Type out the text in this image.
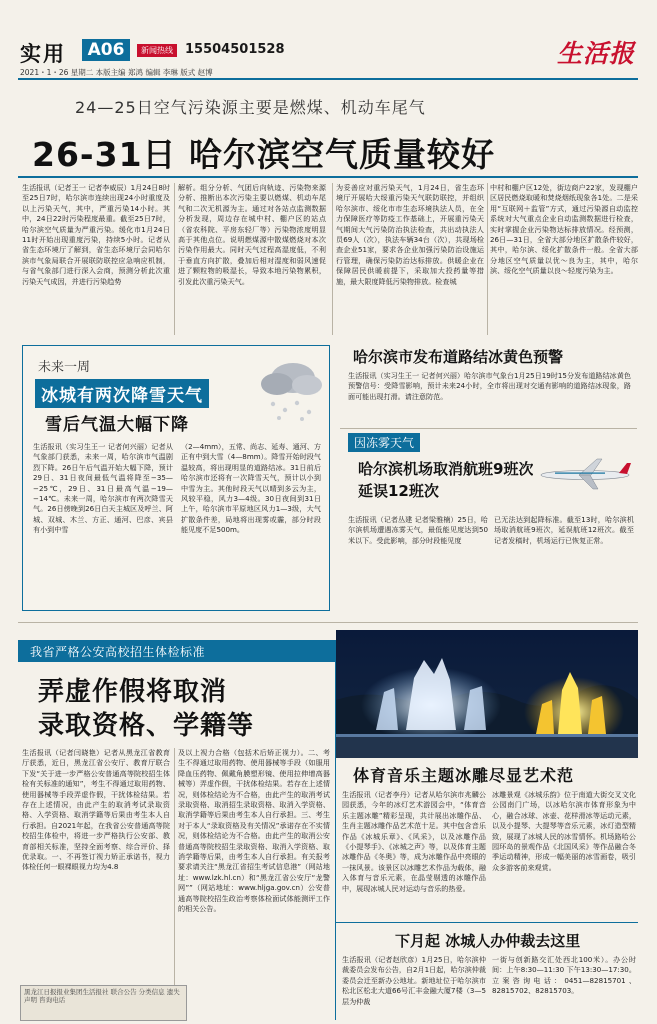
实用	A06	新闻热线 15504501528
2021・1・26 星期二 本版主编 郑鸿 编辑 李琳 版式 赵博
生活报
24—25日空气污染源主要是燃煤、机动车尾气
26-31日 哈尔滨空气质量较好
生活报讯（记者王一 记者李威辰）1月24日8时至25日7时，哈尔滨市连续出现24小时重度及以上污染天气，其中，严重污染14小时。其中，24日22时污染程度最重。截至25日7时，哈尔滨空气质量为严重污染。缓化市1月24日11时开始出现重度污染，持续5小时。记者从省生态环境厅了解到，省生态环境厅会同哈尔滨市气象局联合开展联防联控应急响应机制，与省气象部门进行深入会商，预测分析此次重污染天气成因，并进行污染趋势
解析。组分分析、气团后向轨迹、污染物来源分析、推断出本次污染主要以燃煤、机动车尾气和二次无机源为主。通过对各站点监测数据分析发现，周边存在城中村、棚户区的站点（省农科院、平房东轻厂等）污染物浓度明显高于其他点位。说明燃煤源中散煤燃烧对本次污染作用最大。同时天气过程高湿度低，不利于垂直方向扩散，叠加后相对湿度和弱风速促进了颗粒物的吸湿长，导致本地污染物累积，引发此次重污染天气。
为妥善应对重污染天气，1月24日，省生态环境厅开展哈大绥重污染天气联防联控，并组织哈尔滨市、绥化市市生态环境执法人员，在全力保障医疗等防疫工作基础上，开展重污染天气期间大气污染防治执法检查，共出动执法人员69人（次），执法车辆34台（次），共现场检查企业51家，要求各企业加强污染防治设施运行管理，确保污染防治达标排放。供暖企业在保障居民供暖前提下，采取加大投药量等措施，最大限度降低污染物排放。检查城
中村和棚户区12处，街边商户22家，发现棚户区居民燃烧取暖和焚烧烟纸现象各1处。二是采用“互联网＋监管”方式，通过污染源自动监控系统对大气重点企业自动监测数据进行检查，实时掌握企业污染物达标排放情况。经预测，26日—31日，全省大部分地区扩散条件较好，其中，哈尔滨、绥化扩散条件一般。全省大部分地区空气质量以优～良为主，其中，哈尔滨、绥化空气质量以良～轻度污染为主。
未来一周
冰城有两次降雪天气
雪后气温大幅下降
生活报讯（实习生王一 记者何兴丽）记者从气象部门获悉，未来一周，哈尔滨市气温剧烈下降。26日午后气温开始大幅下降，预计29日、31日夜间最低气温将降至−35—−25℃，29日、31日最高气温−19—−14℃。未来一周，哈尔滨市有两次降雪天气。26日傍晚到26日白天主城区及呼兰、阿城、双城、木兰、方正、通河、巴彦、宾县有小到中雪
（2—4mm），五常、尚志、延寿、通河、方正有中到大雪（4—8mm）。降雪开始时段气温较高，将出现明显的道路结冰。31日前后哈尔滨市还将有一次降雪天气，预计以小到中雪为主。其他时段天气以晴到多云为主，风较平稳，风力3—4级。30日夜间到31日上午，哈尔滨市平原地区风力1—3级，大气扩散条件差，局地将出现雾或霾，部分时段能见度不足500m。
哈尔滨市发布道路结冰黄色预警
生活报讯（实习生王一 记者何兴丽）哈尔滨市气象台1月25日19时15分发布道路结冰黄色预警信号：受降雪影响，预计未来24小时，全市将出现对交通有影响的道路结冰现象，路面可能出现打滑。请注意防范。
因冻雾天气
哈尔滨机场取消航班9班次
延误12班次
生活报讯（记者丛建 记者梁雅楠）25日，哈尔滨机场遭遇冻雾天气，最低能见度达到50米以下。受此影响，部分时段能见度
已无法达到起降标准。截至13时，哈尔滨机场取消航班9班次，延误航班12班次。截至记者发稿时，机场运行已恢复正常。
我省严格公安高校招生体检标准
弄虚作假将取消
录取资格、学籍等
生活报讯（记者闫晓艳）记者从黑龙江省教育厅获悉，近日，黑龙江省公安厅、教育厅联合下发“关于进一步严格公安普通高等院校招生体检有关标准的通知”，考生不得通过取用药物、使用器械等手段弄虚作假，干扰体检结果。若存在上述情况，由此产生的取消考试录取资格、入学资格、取消学籍等后果由考生本人自行承担。自2021年起，在我省公安普通高等院校招生体检中，将进一步严格执行公安部、教育部相关标准，坚持全面考察、综合评价、择优录取。一、不再签订视力矫正承诺书，视力体检任何一眼裸眼视力均为4.8
及以上视力合格（包括术后矫正视力）。二、考生不得通过取用药物、使用器械等手段（如服用降血压药物、佩戴角膜塑形镜、使用拉伸增高器械等）弄虚作假，干扰体检结果。若存在上述情况，则体检结论为不合格，由此产生的取消考试录取资格、取消招生录取资格、取消入学资格、取消学籍等后果由考生本人自行承担。三、考生对于本人“录取资格及有关情况”承诺存在不实情况，则体检结论为不合格。由此产生的取消公安普通高等院校招生录取资格、取消入学资格、取消学籍等后果，由考生本人自行承担。有关报考要求请关注“黑龙江省招生考试信息港”（网站地址：www.lzk.hl.cn）和“黑龙江省公安厅“龙警网””（网站地址：www.hljga.gov.cn）公安普通高等院校招生政治考察体检面试体能测评工作的相关公告。
黑龙江日报报业集团生活报社 联合公告 分类信息 遗失声明 咨询电话
体育音乐主题冰雕尽显艺术范
生活报讯（记者李丹）记者从哈尔滨市兆麟公园获悉，今年的冰灯艺术游园会中，“体育音乐主题冰雕”精彩呈现，共计展出冰雕作品、生肖主题冰雕作品艺术范十足。其中包含音乐作品《冰城乐章》、《风采》，以及冰雕作品《小提琴手》、《冰城之声》等，以及体育主题冰雕作品《冬奥》等，成为冰雕作品中亮眼的一抹风景。该景区以冰雕艺术作品为载体，融入体育与音乐元素，在晶莹剔透的冰雕作品中，展现冰城人民对运动与音乐的热爱。
冰雕景观《冰城乐韵》位于南道大街交叉文化公园南门广场，以冰哈尔滨市体育形象为中心，融合冰球、冰壶、花样滑冰等运动元素，以及小提琴、大提琴等音乐元素，冰灯造型精致，展现了冰城人民的冰雪情怀。机场路哈公园环岛的景观作品《北国风采》等作品融合冬季运动精神，形成一幅美丽的冰雪画卷，吸引众多游客前来观赏。
下月起 冰城人办仲裁去这里
生活报讯（记者赵欣彦）1月25日，哈尔滨仲裁委员会发布公告，自2月1日起，哈尔滨仲裁委员会迁至新办公地址。新地址位于哈尔滨市松北区松北大道66号汇丰金融大厦7楼（3—5层为仲裁
一街与创新路交汇处西北100米）。办公时间：上午8:30—11:30 下午13:30—17:30。立案咨询电话：0451—82815701、82815702、82815703。
